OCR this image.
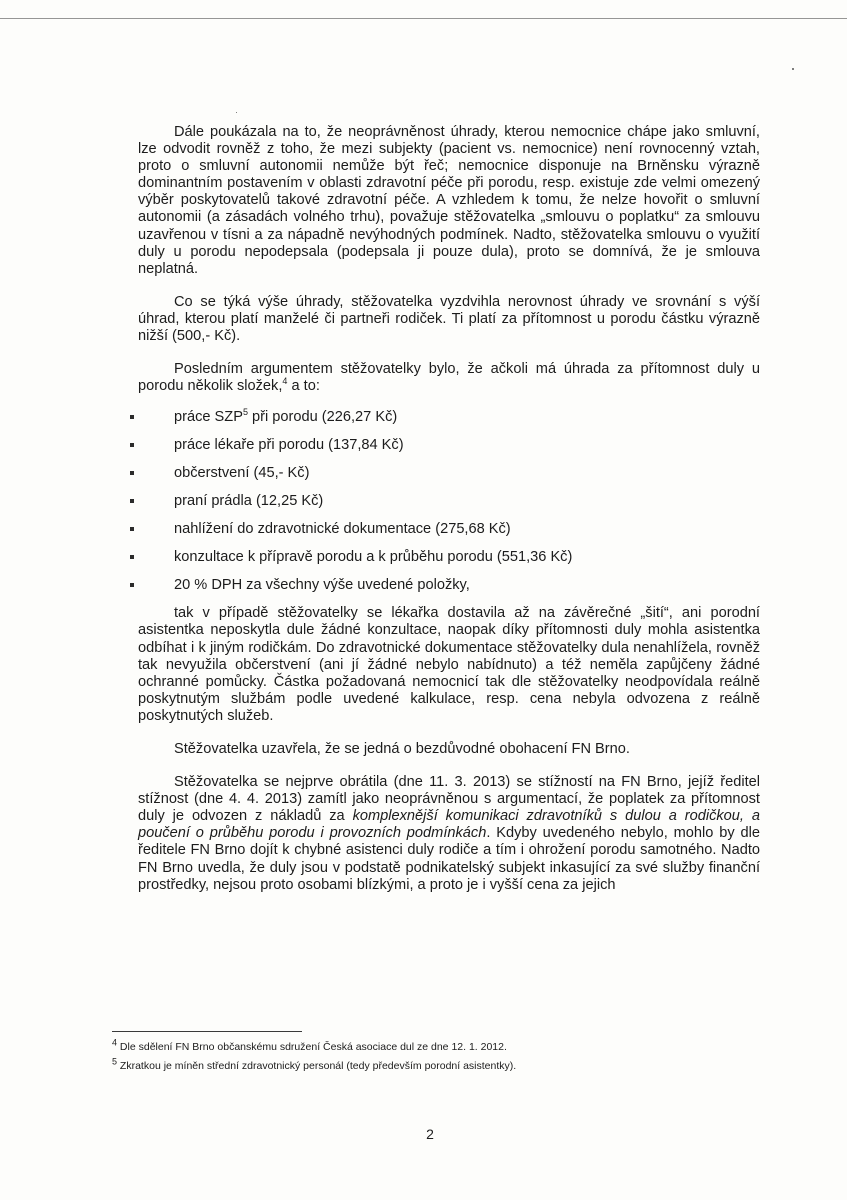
Dále poukázala na to, že neoprávněnost úhrady, kterou nemocnice chápe jako smluvní, lze odvodit rovněž z toho, že mezi subjekty (pacient vs. nemocnice) není rovnocenný vztah, proto o smluvní autonomii nemůže být řeč; nemocnice disponuje na Brněnsku výrazně dominantním postavením v oblasti zdravotní péče při porodu, resp. existuje zde velmi omezený výběr poskytovatelů takové zdravotní péče. A vzhledem k tomu, že nelze hovořit o smluvní autonomii (a zásadách volného trhu), považuje stěžovatelka „smlouvu o poplatku“ za smlouvu uzavřenou v tísni a za nápadně nevýhodných podmínek. Nadto, stěžovatelka smlouvu o využití duly u porodu nepodepsala (podepsala ji pouze dula), proto se domnívá, že je smlouva neplatná.

Co se týká výše úhrady, stěžovatelka vyzdvihla nerovnost úhrady ve srovnání s výší úhrad, kterou platí manželé či partneři rodiček. Ti platí za přítomnost u porodu částku výrazně nižší (500,- Kč).

Posledním argumentem stěžovatelky bylo, že ačkoli má úhrada za přítomnost duly u porodu několik složek,$^4$ a to:

práce SZP$^5$ při porodu (226,27 Kč)
práce lékaře při porodu (137,84 Kč)
občerstvení (45,- Kč)
praní prádla (12,25 Kč)
nahlížení do zdravotnické dokumentace (275,68 Kč)
konzultace k přípravě porodu a k průběhu porodu (551,36 Kč)
20 % DPH za všechny výše uvedené položky,

tak v případě stěžovatelky se lékařka dostavila až na závěrečné „šití“, ani porodní asistentka neposkytla dule žádné konzultace, naopak díky přítomnosti duly mohla asistentka odbíhat i k jiným rodičkám. Do zdravotnické dokumentace stěžovatelky dula nenahlížela, rovněž tak nevyužila občerstvení (ani jí žádné nebylo nabídnuto) a též neměla zapůjčeny žádné ochranné pomůcky. Částka požadovaná nemocnicí tak dle stěžovatelky neodpovídala reálně poskytnutým službám podle uvedené kalkulace, resp. cena nebyla odvozena z reálně poskytnutých služeb.

Stěžovatelka uzavřela, že se jedná o bezdůvodné obohacení FN Brno.

Stěžovatelka se nejprve obrátila (dne 11. 3. 2013) se stížností na FN Brno, jejíž ředitel stížnost (dne 4. 4. 2013) zamítl jako neoprávněnou s argumentací, že poplatek za přítomnost duly je odvozen z nákladů za komplexnější komunikaci zdravotníků s dulou a rodičkou, a poučení o průběhu porodu i provozních podmínkách. Kdyby uvedeného nebylo, mohlo by dle ředitele FN Brno dojít k chybné asistenci duly rodiče a tím i ohrožení porodu samotného. Nadto FN Brno uvedla, že duly jsou v podstatě podnikatelský subjekt inkasující za své služby finanční prostředky, nejsou proto osobami blízkými, a proto je i vyšší cena za jejich

$^4$ Dle sdělení FN Brno občanskému sdružení Česká asociace dul ze dne 12. 1. 2012.

$^5$ Zkratkou je míněn střední zdravotnický personál (tedy především porodní asistentky).

2
